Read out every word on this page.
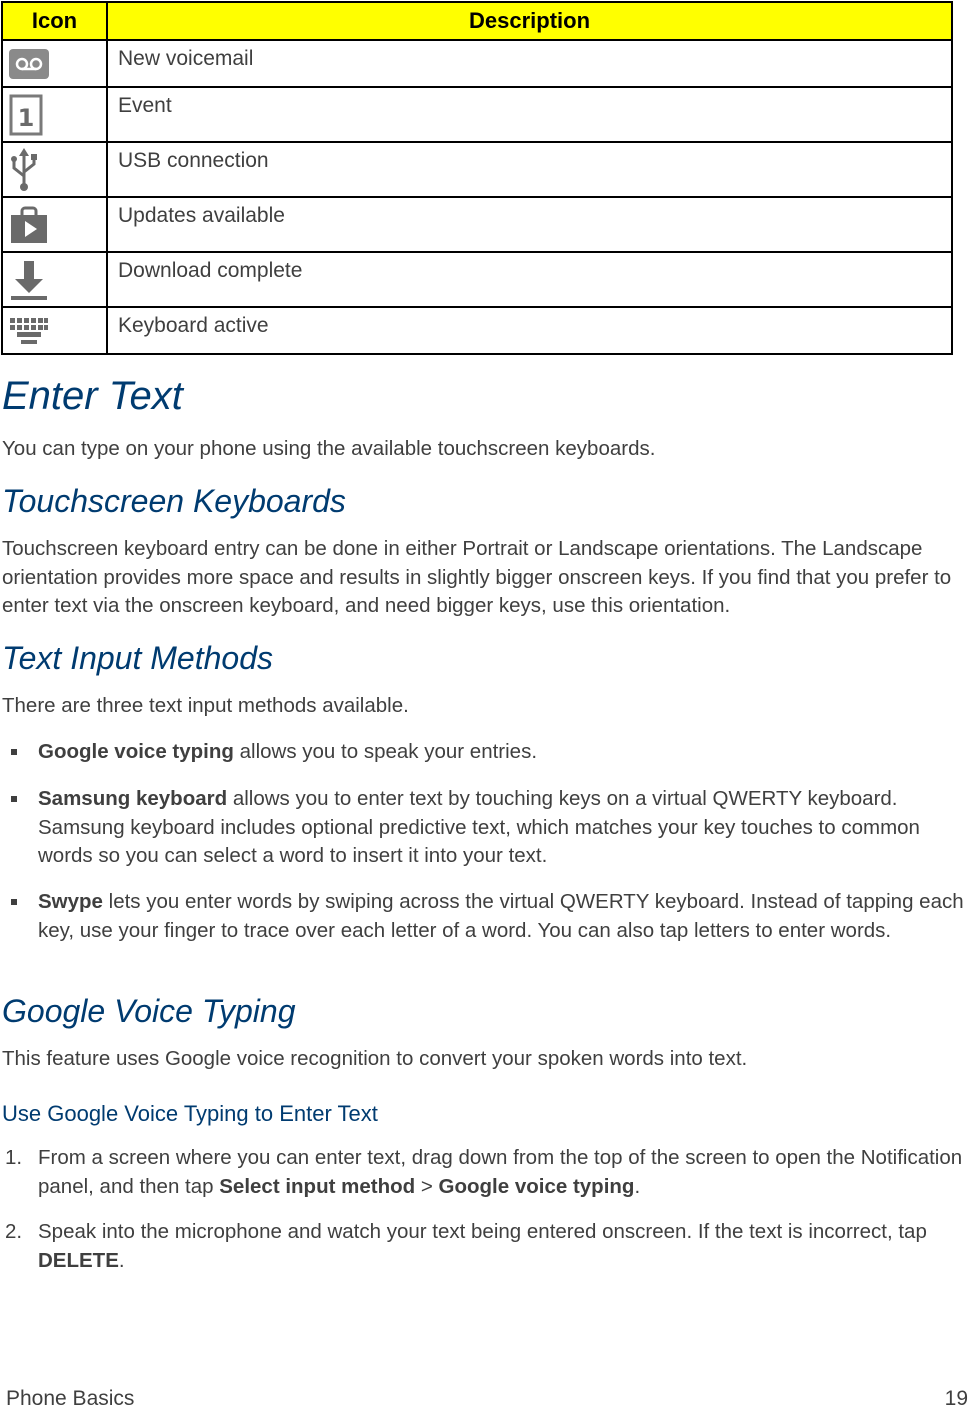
Icon	Description

	New voicemail

1	Event

	USB connection

	Updates available

	Download complete

	Keyboard active
Enter Text
You can type on your phone using the available touchscreen keyboards.
Touchscreen Keyboards
Touchscreen keyboard entry can be done in either Portrait or Landscape orientations. The Landscape orientation provides more space and results in slightly bigger onscreen keys. If you find that you prefer to enter text via the onscreen keyboard, and need bigger keys, use this orientation.
Text Input Methods
There are three text input methods available.
Google voice typing allows you to speak your entries.
Samsung keyboard allows you to enter text by touching keys on a virtual QWERTY keyboard. Samsung keyboard includes optional predictive text, which matches your key touches to common words so you can select a word to insert it into your text.
Swype lets you enter words by swiping across the virtual QWERTY keyboard. Instead of tapping each key, use your finger to trace over each letter of a word. You can also tap letters to enter words.
Google Voice Typing
This feature uses Google voice recognition to convert your spoken words into text.
Use Google Voice Typing to Enter Text
1. From a screen where you can enter text, drag down from the top of the screen to open the Notification panel, and then tap Select input method > Google voice typing.
2. Speak into the microphone and watch your text being entered onscreen. If the text is incorrect, tap DELETE.
Phone Basics	19
